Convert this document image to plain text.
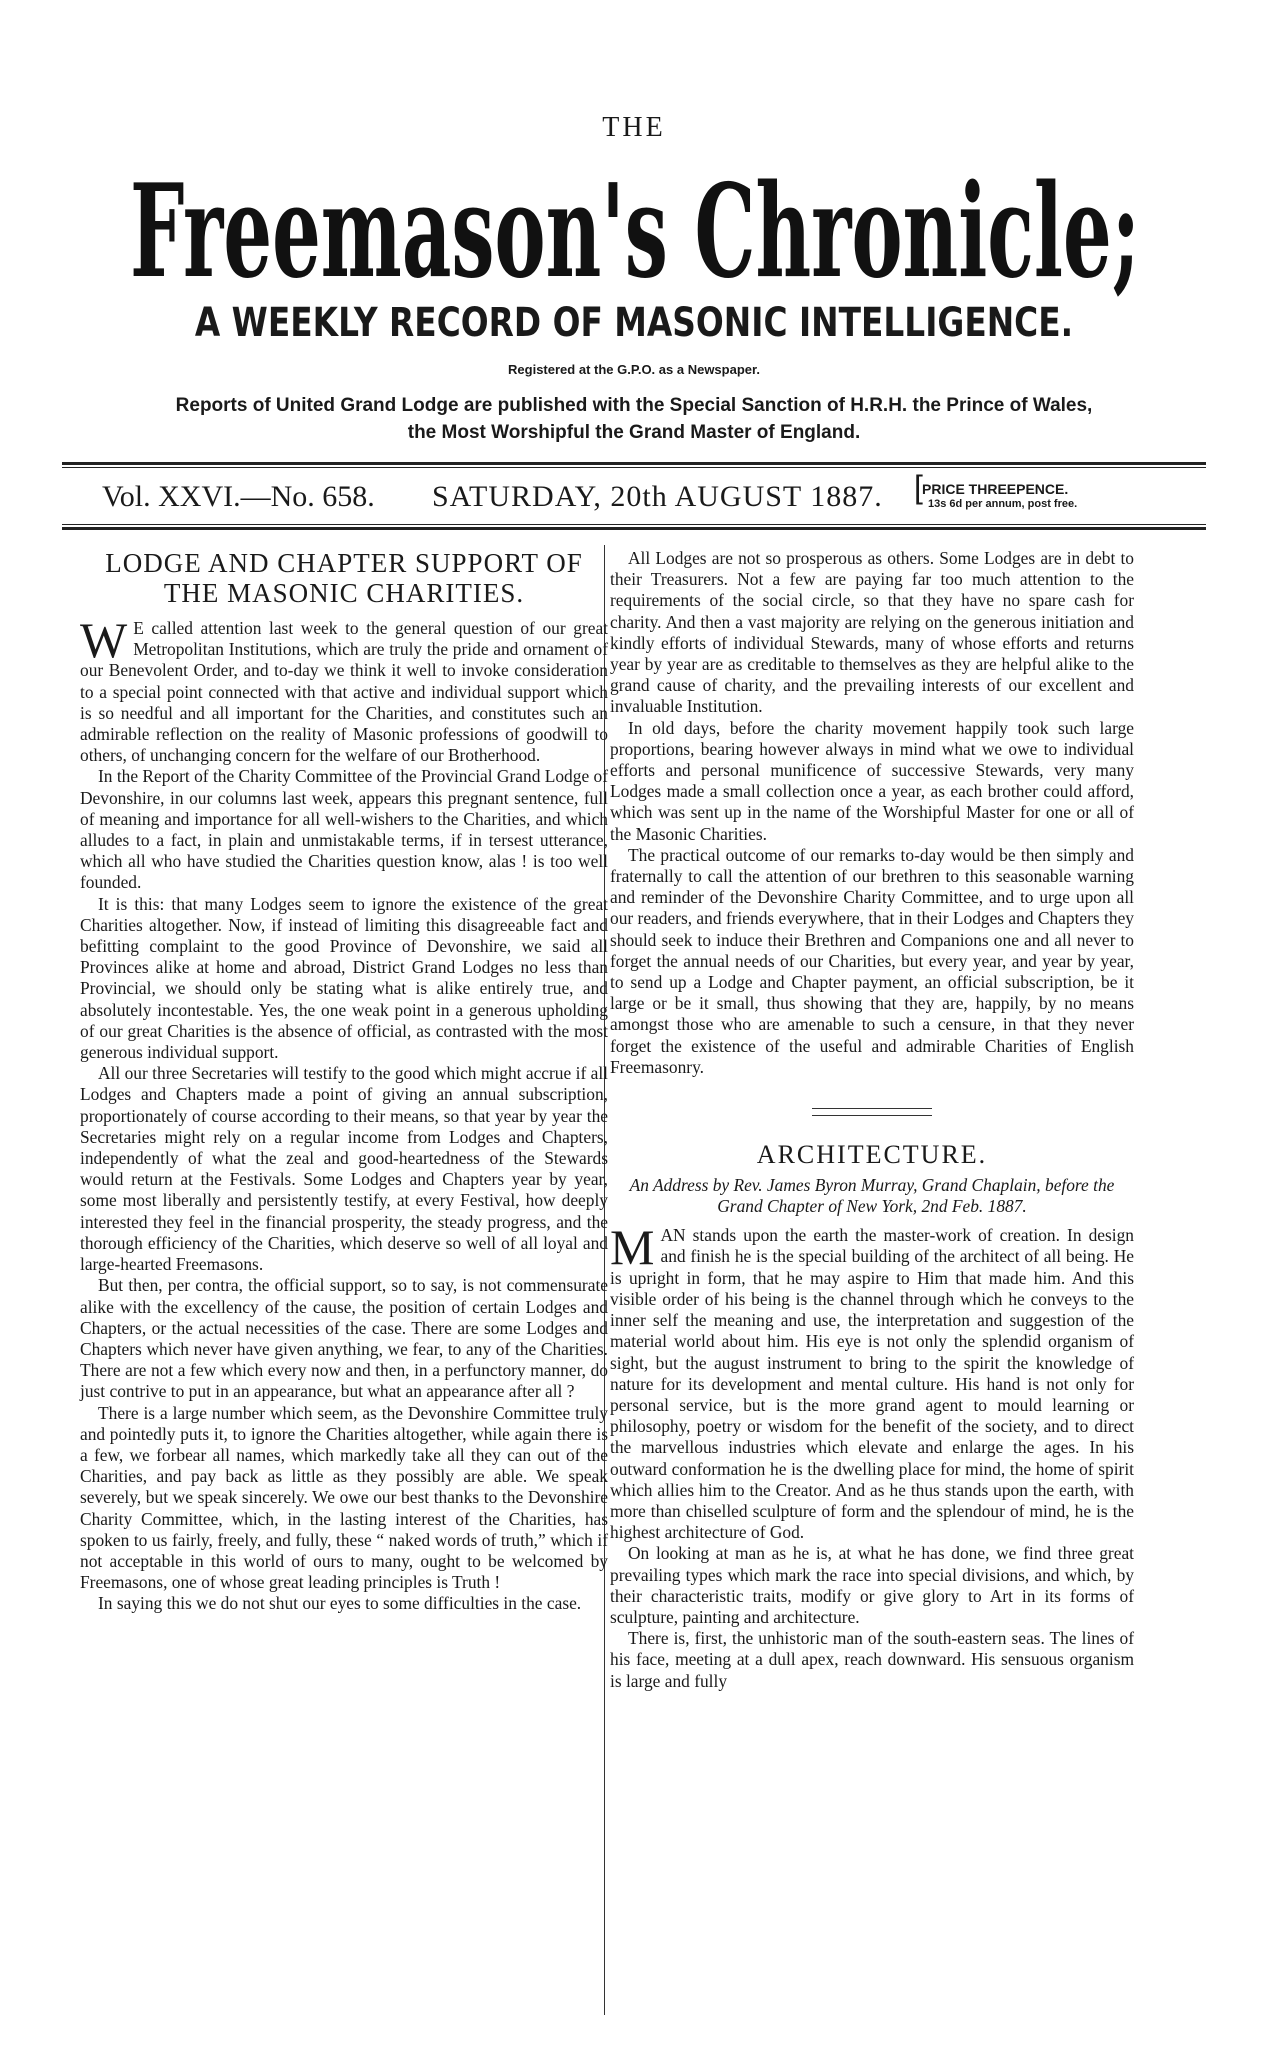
THE
Freemason's Chronicle;
A WEEKLY RECORD OF MASONIC INTELLIGENCE.
Registered at the G.P.O. as a Newspaper.
Reports of United Grand Lodge are published with the Special Sanction of H.R.H. the Prince of Wales,
the Most Worshipful the Grand Master of England.
Vol. XXVI.—No. 658. SATURDAY, 20th AUGUST 1887. [ PRICE THREEPENCE.
13s 6d per annum, post free.
LODGE AND CHAPTER SUPPORT OF THE MASONIC CHARITIES.

W E called attention last week to the general question of our great Metropolitan Institutions, which are truly the pride and ornament of our Benevolent Order, and to-day we think it well to invoke consideration to a special point connected with that active and individual support which is so needful and all important for the Charities, and constitutes such an admirable reflection on the reality of Masonic professions of goodwill to others, of unchanging concern for the welfare of our Brotherhood.

In the Report of the Charity Committee of the Provincial Grand Lodge of Devonshire, in our columns last week, appears this pregnant sentence, full of meaning and importance for all well-wishers to the Charities, and which alludes to a fact, in plain and unmistakable terms, if in tersest utterance, which all who have studied the Charities question know, alas ! is too well founded.

It is this: that many Lodges seem to ignore the existence of the great Charities altogether. Now, if instead of limiting this disagreeable fact and befitting complaint to the good Province of Devonshire, we said all Provinces alike at home and abroad, District Grand Lodges no less than Provincial, we should only be stating what is alike entirely true, and absolutely incontestable. Yes, the one weak point in a generous upholding of our great Charities is the absence of official, as contrasted with the most generous individual support.

All our three Secretaries will testify to the good which might accrue if all Lodges and Chapters made a point of giving an annual subscription, proportionately of course according to their means, so that year by year the Secretaries might rely on a regular income from Lodges and Chapters, independently of what the zeal and good-heartedness of the Stewards would return at the Festivals. Some Lodges and Chapters year by year, some most liberally and persistently testify, at every Festival, how deeply interested they feel in the financial prosperity, the steady progress, and the thorough efficiency of the Charities, which deserve so well of all loyal and large-hearted Freemasons.

But then, per contra, the official support, so to say, is not commensurate alike with the excellency of the cause, the position of certain Lodges and Chapters, or the actual necessities of the case. There are some Lodges and Chapters which never have given anything, we fear, to any of the Charities. There are not a few which every now and then, in a perfunctory manner, do just contrive to put in an appearance, but what an appearance after all ?

There is a large number which seem, as the Devonshire Committee truly and pointedly puts it, to ignore the Charities altogether, while again there is a few, we forbear all names, which markedly take all they can out of the Charities, and pay back as little as they possibly are able. We speak severely, but we speak sincerely. We owe our best thanks to the Devonshire Charity Committee, which, in the lasting interest of the Charities, has spoken to us fairly, freely, and fully, these “ naked words of truth,” which if not acceptable in this world of ours to many, ought to be welcomed by Freemasons, one of whose great leading principles is Truth !

In saying this we do not shut our eyes to some difficulties in the case.

All Lodges are not so prosperous as others. Some Lodges are in debt to their Treasurers. Not a few are paying far too much attention to the requirements of the social circle, so that they have no spare cash for charity. And then a vast majority are relying on the generous initiation and kindly efforts of individual Stewards, many of whose efforts and returns year by year are as creditable to themselves as they are helpful alike to the grand cause of charity, and the prevailing interests of our excellent and invaluable Institution.

In old days, before the charity movement happily took such large proportions, bearing however always in mind what we owe to individual efforts and personal munificence of successive Stewards, very many Lodges made a small collection once a year, as each brother could afford, which was sent up in the name of the Worshipful Master for one or all of the Masonic Charities.

The practical outcome of our remarks to-day would be then simply and fraternally to call the attention of our brethren to this seasonable warning and reminder of the Devonshire Charity Committee, and to urge upon all our readers, and friends everywhere, that in their Lodges and Chapters they should seek to induce their Brethren and Companions one and all never to forget the annual needs of our Charities, but every year, and year by year, to send up a Lodge and Chapter payment, an official subscription, be it large or be it small, thus showing that they are, happily, by no means amongst those who are amenable to such a censure, in that they never forget the existence of the useful and admirable Charities of English Freemasonry.

ARCHITECTURE.
An Address by Rev. James Byron Murray, Grand Chaplain, before the Grand Chapter of New York, 2nd Feb. 1887.

MAN stands upon the earth the master-work of creation. In design and finish he is the special building of the architect of all being. He is upright in form, that he may aspire to Him that made him. And this visible order of his being is the channel through which he conveys to the inner self the meaning and use, the interpretation and suggestion of the material world about him. His eye is not only the splendid organism of sight, but the august instrument to bring to the spirit the knowledge of nature for its development and mental culture. His hand is not only for personal service, but is the more grand agent to mould learning or philosophy, poetry or wisdom for the benefit of the society, and to direct the marvellous industries which elevate and enlarge the ages. In his outward conformation he is the dwelling place for mind, the home of spirit which allies him to the Creator. And as he thus stands upon the earth, with more than chiselled sculpture of form and the splendour of mind, he is the highest architecture of God.

On looking at man as he is, at what he has done, we find three great prevailing types which mark the race into special divisions, and which, by their characteristic traits, modify or give glory to Art in its forms of sculpture, painting and architecture.

There is, first, the unhistoric man of the south-eastern seas. The lines of his face, meeting at a dull apex, reach downward. His sensuous organism is large and fully
